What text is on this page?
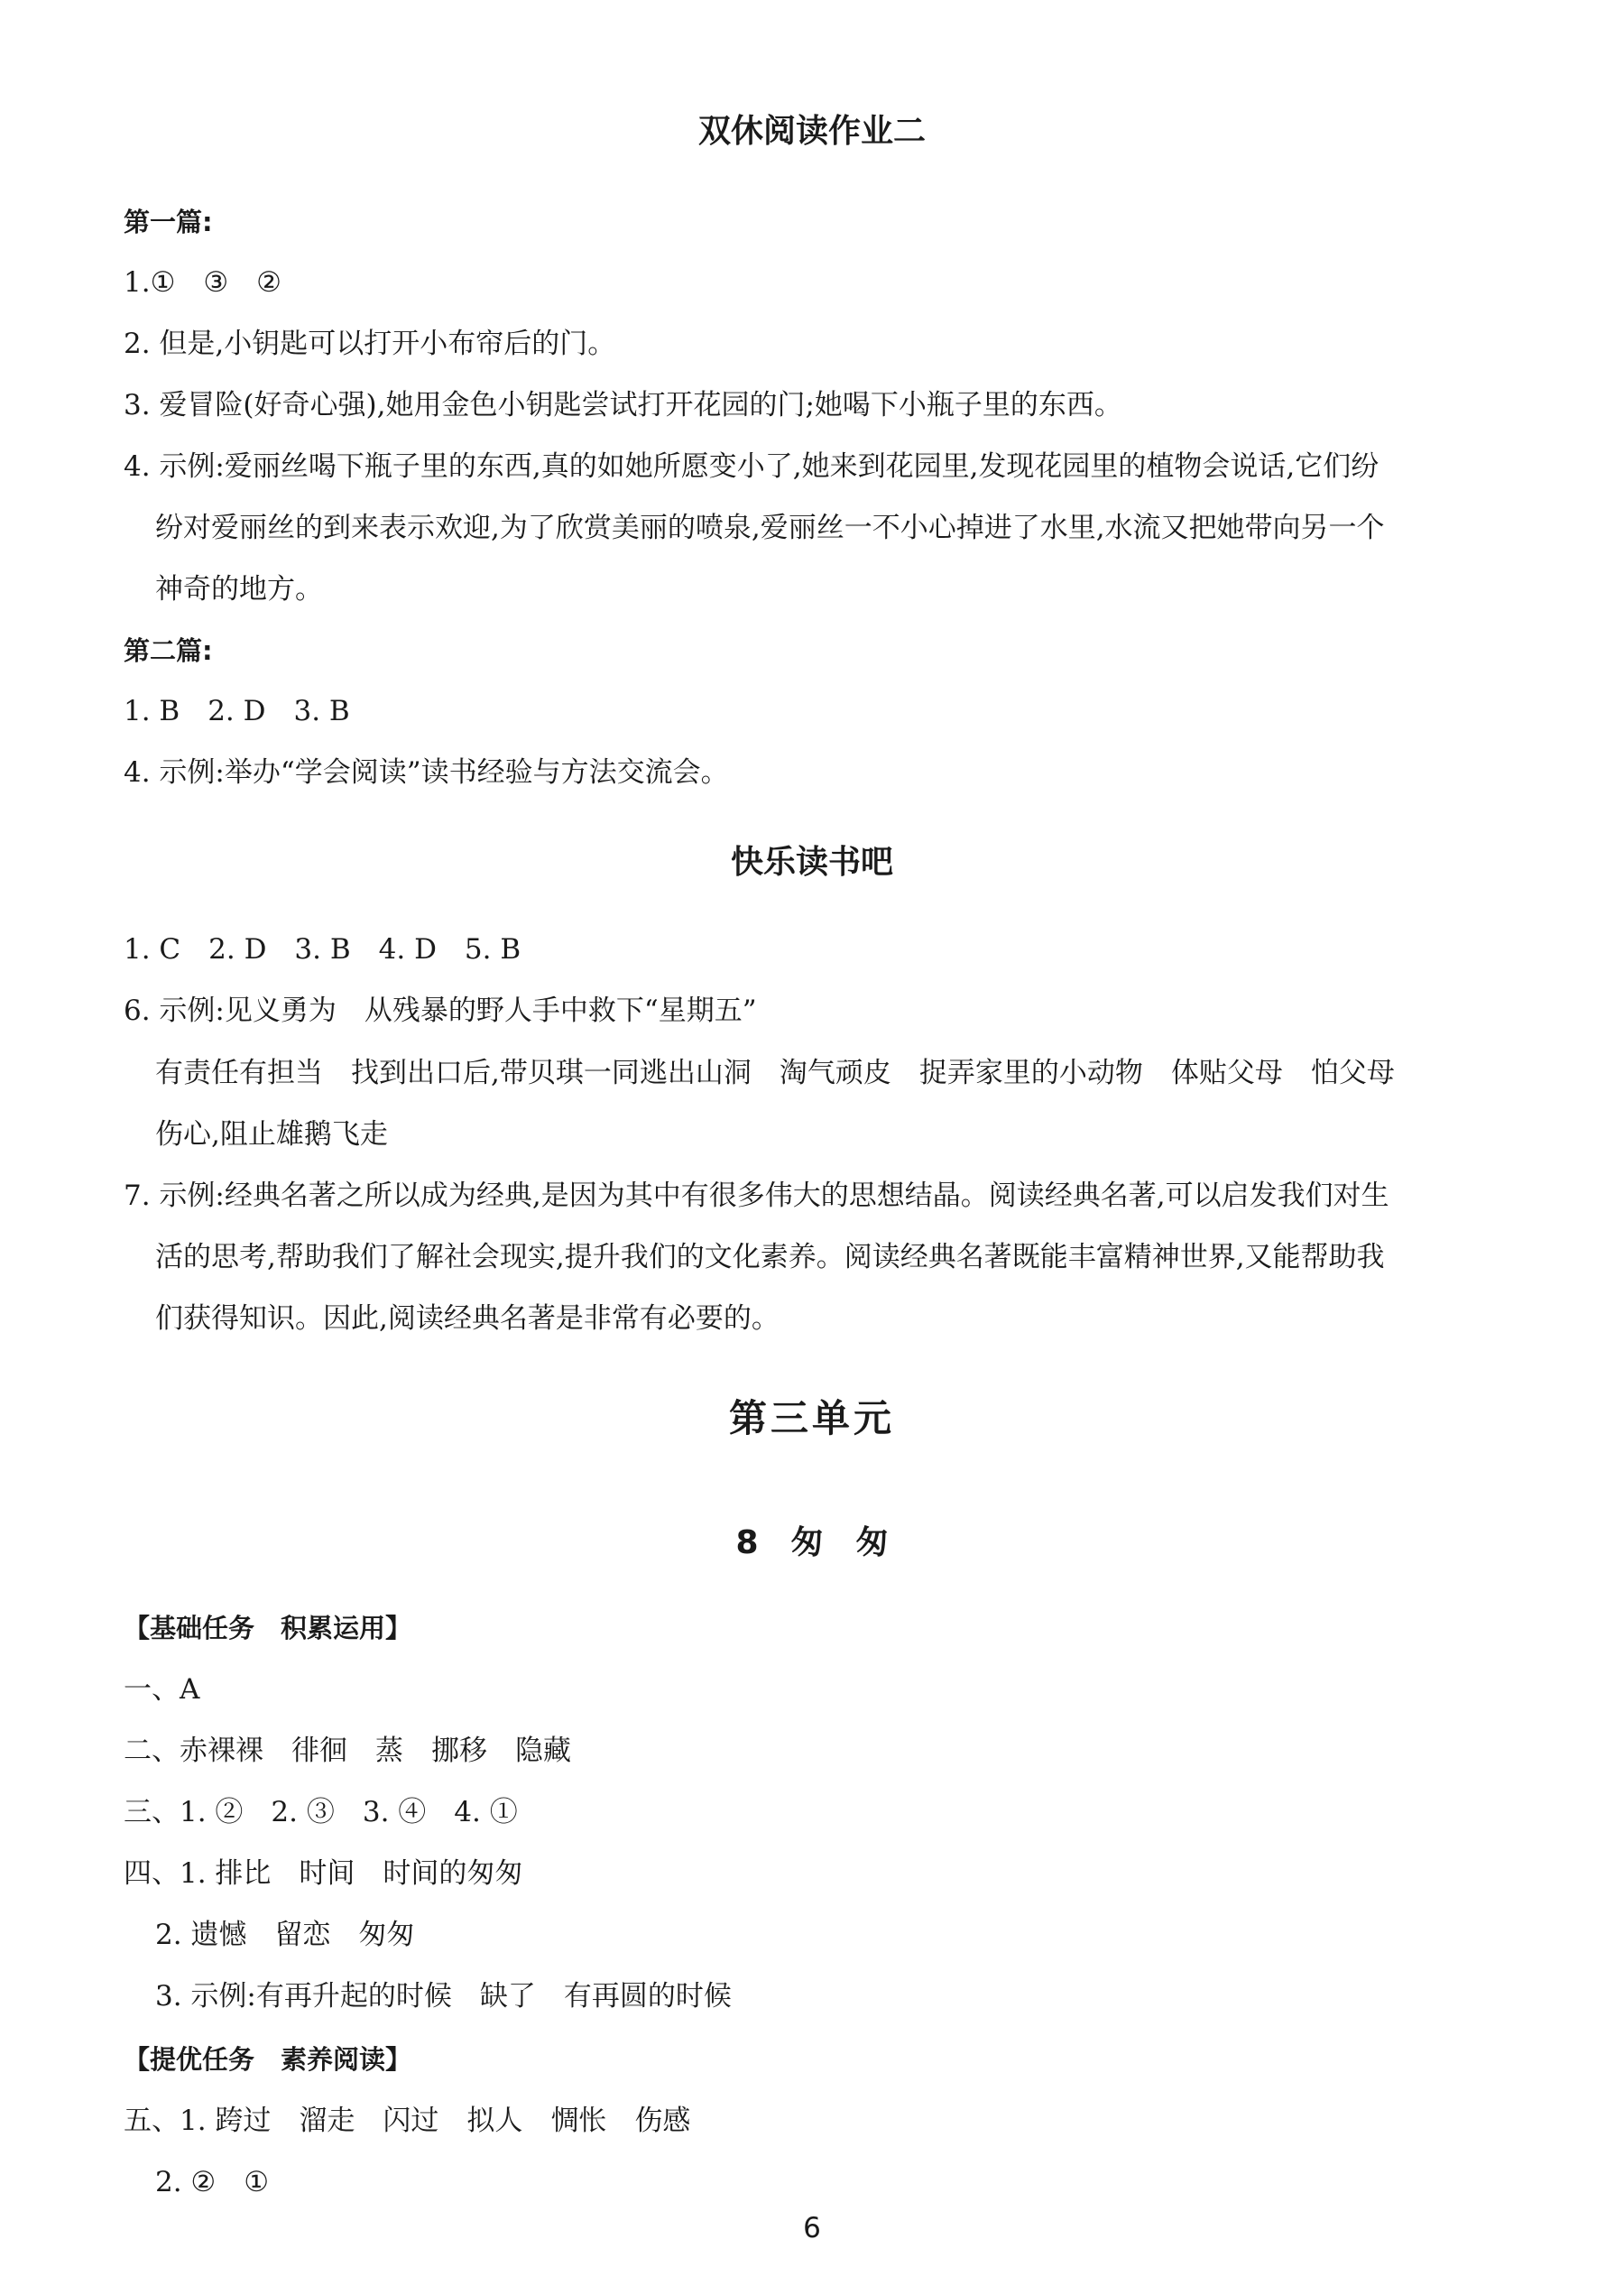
双休阅读作业二
第一篇:
1.①　③　②
2. 但是,小钥匙可以打开小布帘后的门。
3. 爱冒险(好奇心强),她用金色小钥匙尝试打开花园的门;她喝下小瓶子里的东西。
4. 示例:爱丽丝喝下瓶子里的东西,真的如她所愿变小了,她来到花园里,发现花园里的植物会说话,它们纷
纷对爱丽丝的到来表示欢迎,为了欣赏美丽的喷泉,爱丽丝一不小心掉进了水里,水流又把她带向另一个
神奇的地方。
第二篇:
1. B　2. D　3. B
4. 示例:举办“学会阅读”读书经验与方法交流会。
快乐读书吧
1. C　2. D　3. B　4. D　5. B
6. 示例:见义勇为　从残暴的野人手中救下“星期五”
有责任有担当　找到出口后,带贝琪一同逃出山洞　淘气顽皮　捉弄家里的小动物　体贴父母　怕父母
伤心,阻止雄鹅飞走
7. 示例:经典名著之所以成为经典,是因为其中有很多伟大的思想结晶。阅读经典名著,可以启发我们对生
活的思考,帮助我们了解社会现实,提升我们的文化素养。阅读经典名著既能丰富精神世界,又能帮助我
们获得知识。因此,阅读经典名著是非常有必要的。
第三单元
8　匆　匆
【基础任务　积累运用】
一、A
二、赤裸裸　徘徊　蒸　挪移　隐藏
三、1. ②　2. ③　3. ④　4. ①
四、1. 排比　时间　时间的匆匆
2. 遗憾　留恋　匆匆
3. 示例:有再升起的时候　缺了　有再圆的时候
【提优任务　素养阅读】
五、1. 跨过　溜走　闪过　拟人　惆怅　伤感
2. ②　①
6
